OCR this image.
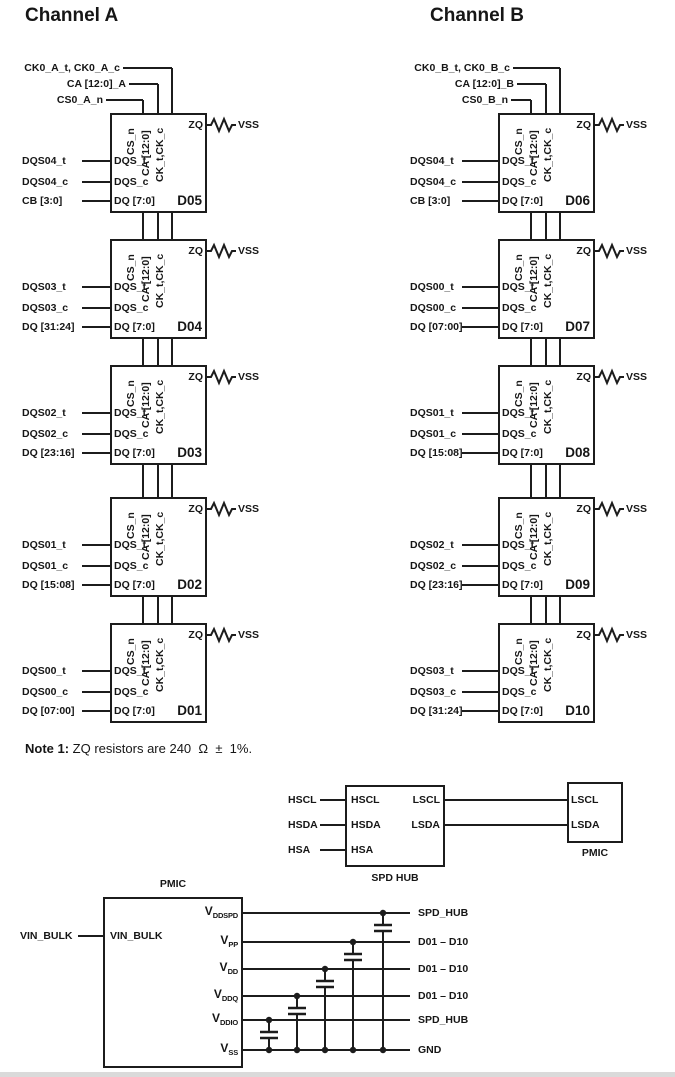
Channel A	Channel B
Note 1: ZQ resistors are 240  Ω  ±  1%.
HSCL
HSDA
HSA
HSCL
HSDA
HSA
LSCL
LSDA
SPD HUB
LSCL
LSDA
PMIC
PMIC
VIN_BULK	VIN_BULK
$V_{DDSPD}$	SPD_HUB
$V_{PP}$	D01 – D10
$V_{DD}$	D01 – D10
$V_{DDQ}$	D01 – D10
$V_{DDIO}$	SPD_HUB
$V_{SS}$	GND
CK0_A_t, CK0_A_c
CA [12:0]_A
CS0_A_n
DQS04_t
DQS04_c
CB [3:0]
DQS_t
DQS_c
DQ [7:0]
ZQ	VSS
CS_n CA [12:0] CK_t,CK_c
D05
DQS03_t
DQS03_c
DQ [31:24]
DQS_t
DQS_c
DQ [7:0]
ZQ	VSS
CS_n CA [12:0] CK_t,CK_c
D04
DQS02_t
DQS02_c
DQ [23:16]
DQS_t
DQS_c
DQ [7:0]
ZQ	VSS
CS_n CA [12:0] CK_t,CK_c
D03
DQS01_t
DQS01_c
DQ [15:08]
DQS_t
DQS_c
DQ [7:0]
ZQ	VSS
CS_n CA [12:0] CK_t,CK_c
D02
DQS00_t
DQS00_c
DQ [07:00]
DQS_t
DQS_c
DQ [7:0]
ZQ	VSS
CS_n CA [12:0] CK_t,CK_c
D01
CK0_B_t, CK0_B_c
CA [12:0]_B
CS0_B_n
DQS04_t
DQS04_c
CB [3:0]
DQS_t
DQS_c
DQ [7:0]
ZQ	VSS
CS_n CA [12:0] CK_t,CK_c
D06
DQS00_t
DQS00_c
DQ [07:00]
DQS_t
DQS_c
DQ [7:0]
ZQ	VSS
CS_n CA [12:0] CK_t,CK_c
D07
DQS01_t
DQS01_c
DQ [15:08]
DQS_t
DQS_c
DQ [7:0]
ZQ	VSS
CS_n CA [12:0] CK_t,CK_c
D08
DQS02_t
DQS02_c
DQ [23:16]
DQS_t
DQS_c
DQ [7:0]
ZQ	VSS
CS_n CA [12:0] CK_t,CK_c
D09
DQS03_t
DQS03_c
DQ [31:24]
DQS_t
DQS_c
DQ [7:0]
ZQ	VSS
CS_n CA [12:0] CK_t,CK_c
D10
